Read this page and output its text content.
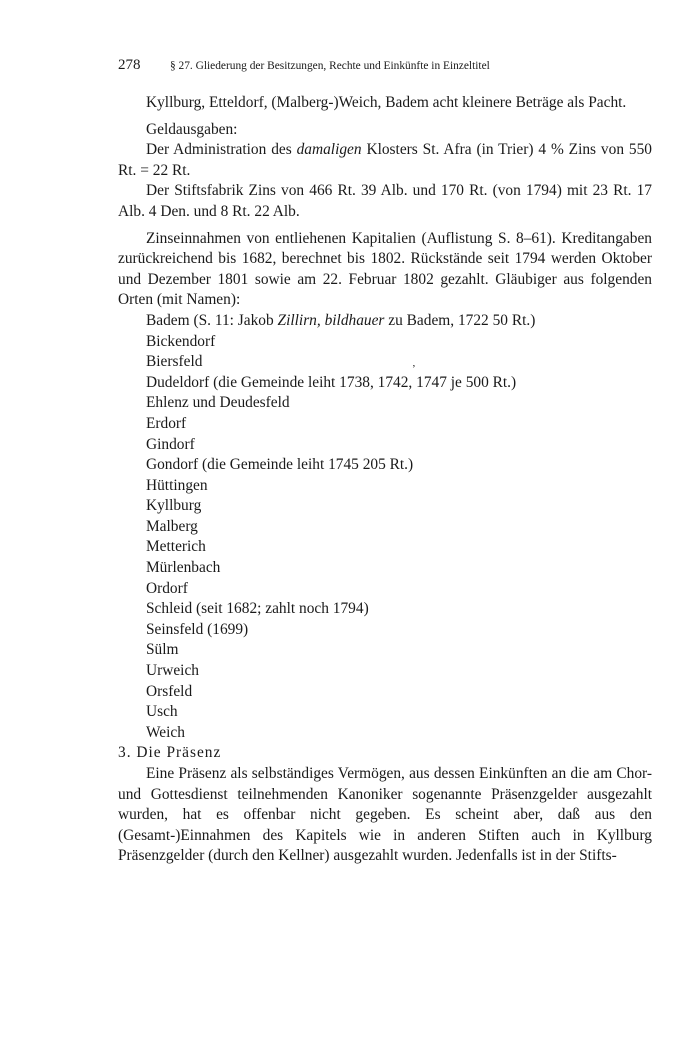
278	§ 27. Gliederung der Besitzungen, Rechte und Einkünfte in Einzeltitel
ʼ

Kyllburg, Etteldorf, (Malberg-)Weich, Badem acht kleinere Beträge als Pacht.

Geldausgaben:

Der Administration des damaligen Klosters St. Afra (in Trier) 4 % Zins von 550 Rt. = 22 Rt.

Der Stiftsfabrik Zins von 466 Rt. 39 Alb. und 170 Rt. (von 1794) mit 23 Rt. 17 Alb. 4 Den. und 8 Rt. 22 Alb.

Zinseinnahmen von entliehenen Kapitalien (Auflistung S. 8–61). Kreditangaben zurückreichend bis 1682, berechnet bis 1802. Rückstände seit 1794 werden Oktober und Dezember 1801 sowie am 22. Februar 1802 gezahlt. Gläubiger aus folgenden Orten (mit Namen):

Badem (S. 11: Jakob Zillirn, bildhauer zu Badem, 1722 50 Rt.)
Bickendorf
Biersfeld
Dudeldorf (die Gemeinde leiht 1738, 1742, 1747 je 500 Rt.)
Ehlenz und Deudesfeld
Erdorf
Gindorf
Gondorf (die Gemeinde leiht 1745 205 Rt.)
Hüttingen
Kyllburg
Malberg
Metterich
Mürlenbach
Ordorf
Schleid (seit 1682; zahlt noch 1794)
Seinsfeld (1699)
Sülm
Urweich
Orsfeld
Usch
Weich

3. Die Präsenz

Eine Präsenz als selbständiges Vermögen, aus dessen Einkünften an die am Chor- und Gottesdienst teilnehmenden Kanoniker sogenannte Präsenzgelder ausgezahlt wurden, hat es offenbar nicht gegeben. Es scheint aber, daß aus den (Gesamt-)Einnahmen des Kapitels wie in anderen Stiften auch in Kyllburg Präsenzgelder (durch den Kellner) ausgezahlt wurden. Jedenfalls ist in der Stifts-
